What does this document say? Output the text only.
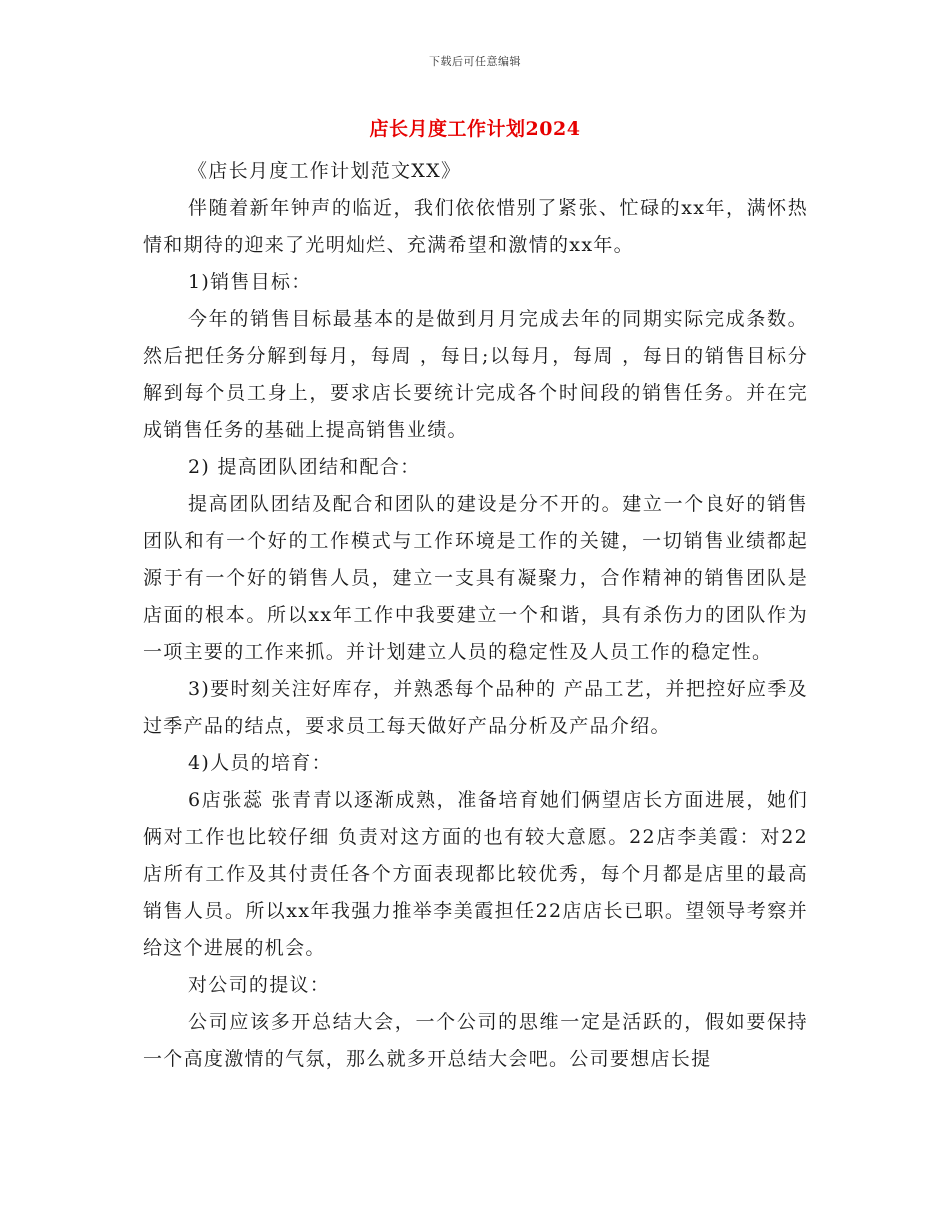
下载后可任意编辑
店长月度工作计划2024

《店长月度工作计划范文XX》

伴随着新年钟声的临近，我们依依惜别了紧张、忙碌的xx年，满怀热情和期待的迎来了光明灿烂、充满希望和激情的xx年。

1)销售目标：

今年的销售目标最基本的是做到月月完成去年的同期实际完成条数。然后把任务分解到每月，每周 ，每日;以每月，每周 ，每日的销售目标分解到每个员工身上，要求店长要统计完成各个时间段的销售任务。并在完成销售任务的基础上提高销售业绩。

2) 提高团队团结和配合：

提高团队团结及配合和团队的建设是分不开的。建立一个良好的销售团队和有一个好的工作模式与工作环境是工作的关键，一切销售业绩都起源于有一个好的销售人员，建立一支具有凝聚力，合作精神的销售团队是店面的根本。所以xx年工作中我要建立一个和谐，具有杀伤力的团队作为一项主要的工作来抓。并计划建立人员的稳定性及人员工作的稳定性。

3)要时刻关注好库存，并熟悉每个品种的 产品工艺，并把控好应季及过季产品的结点，要求员工每天做好产品分析及产品介绍。

4)人员的培育：

6店张蕊 张青青以逐渐成熟，准备培育她们俩望店长方面进展，她们俩对工作也比较仔细 负责对这方面的也有较大意愿。22店李美霞：对22店所有工作及其付责任各个方面表现都比较优秀，每个月都是店里的最高销售人员。所以xx年我强力推举李美霞担任22店店长已职。望领导考察并给这个进展的机会。

对公司的提议：

公司应该多开总结大会，一个公司的思维一定是活跃的，假如要保持一个高度激情的气氛，那么就多开总结大会吧。公司要想店长提
